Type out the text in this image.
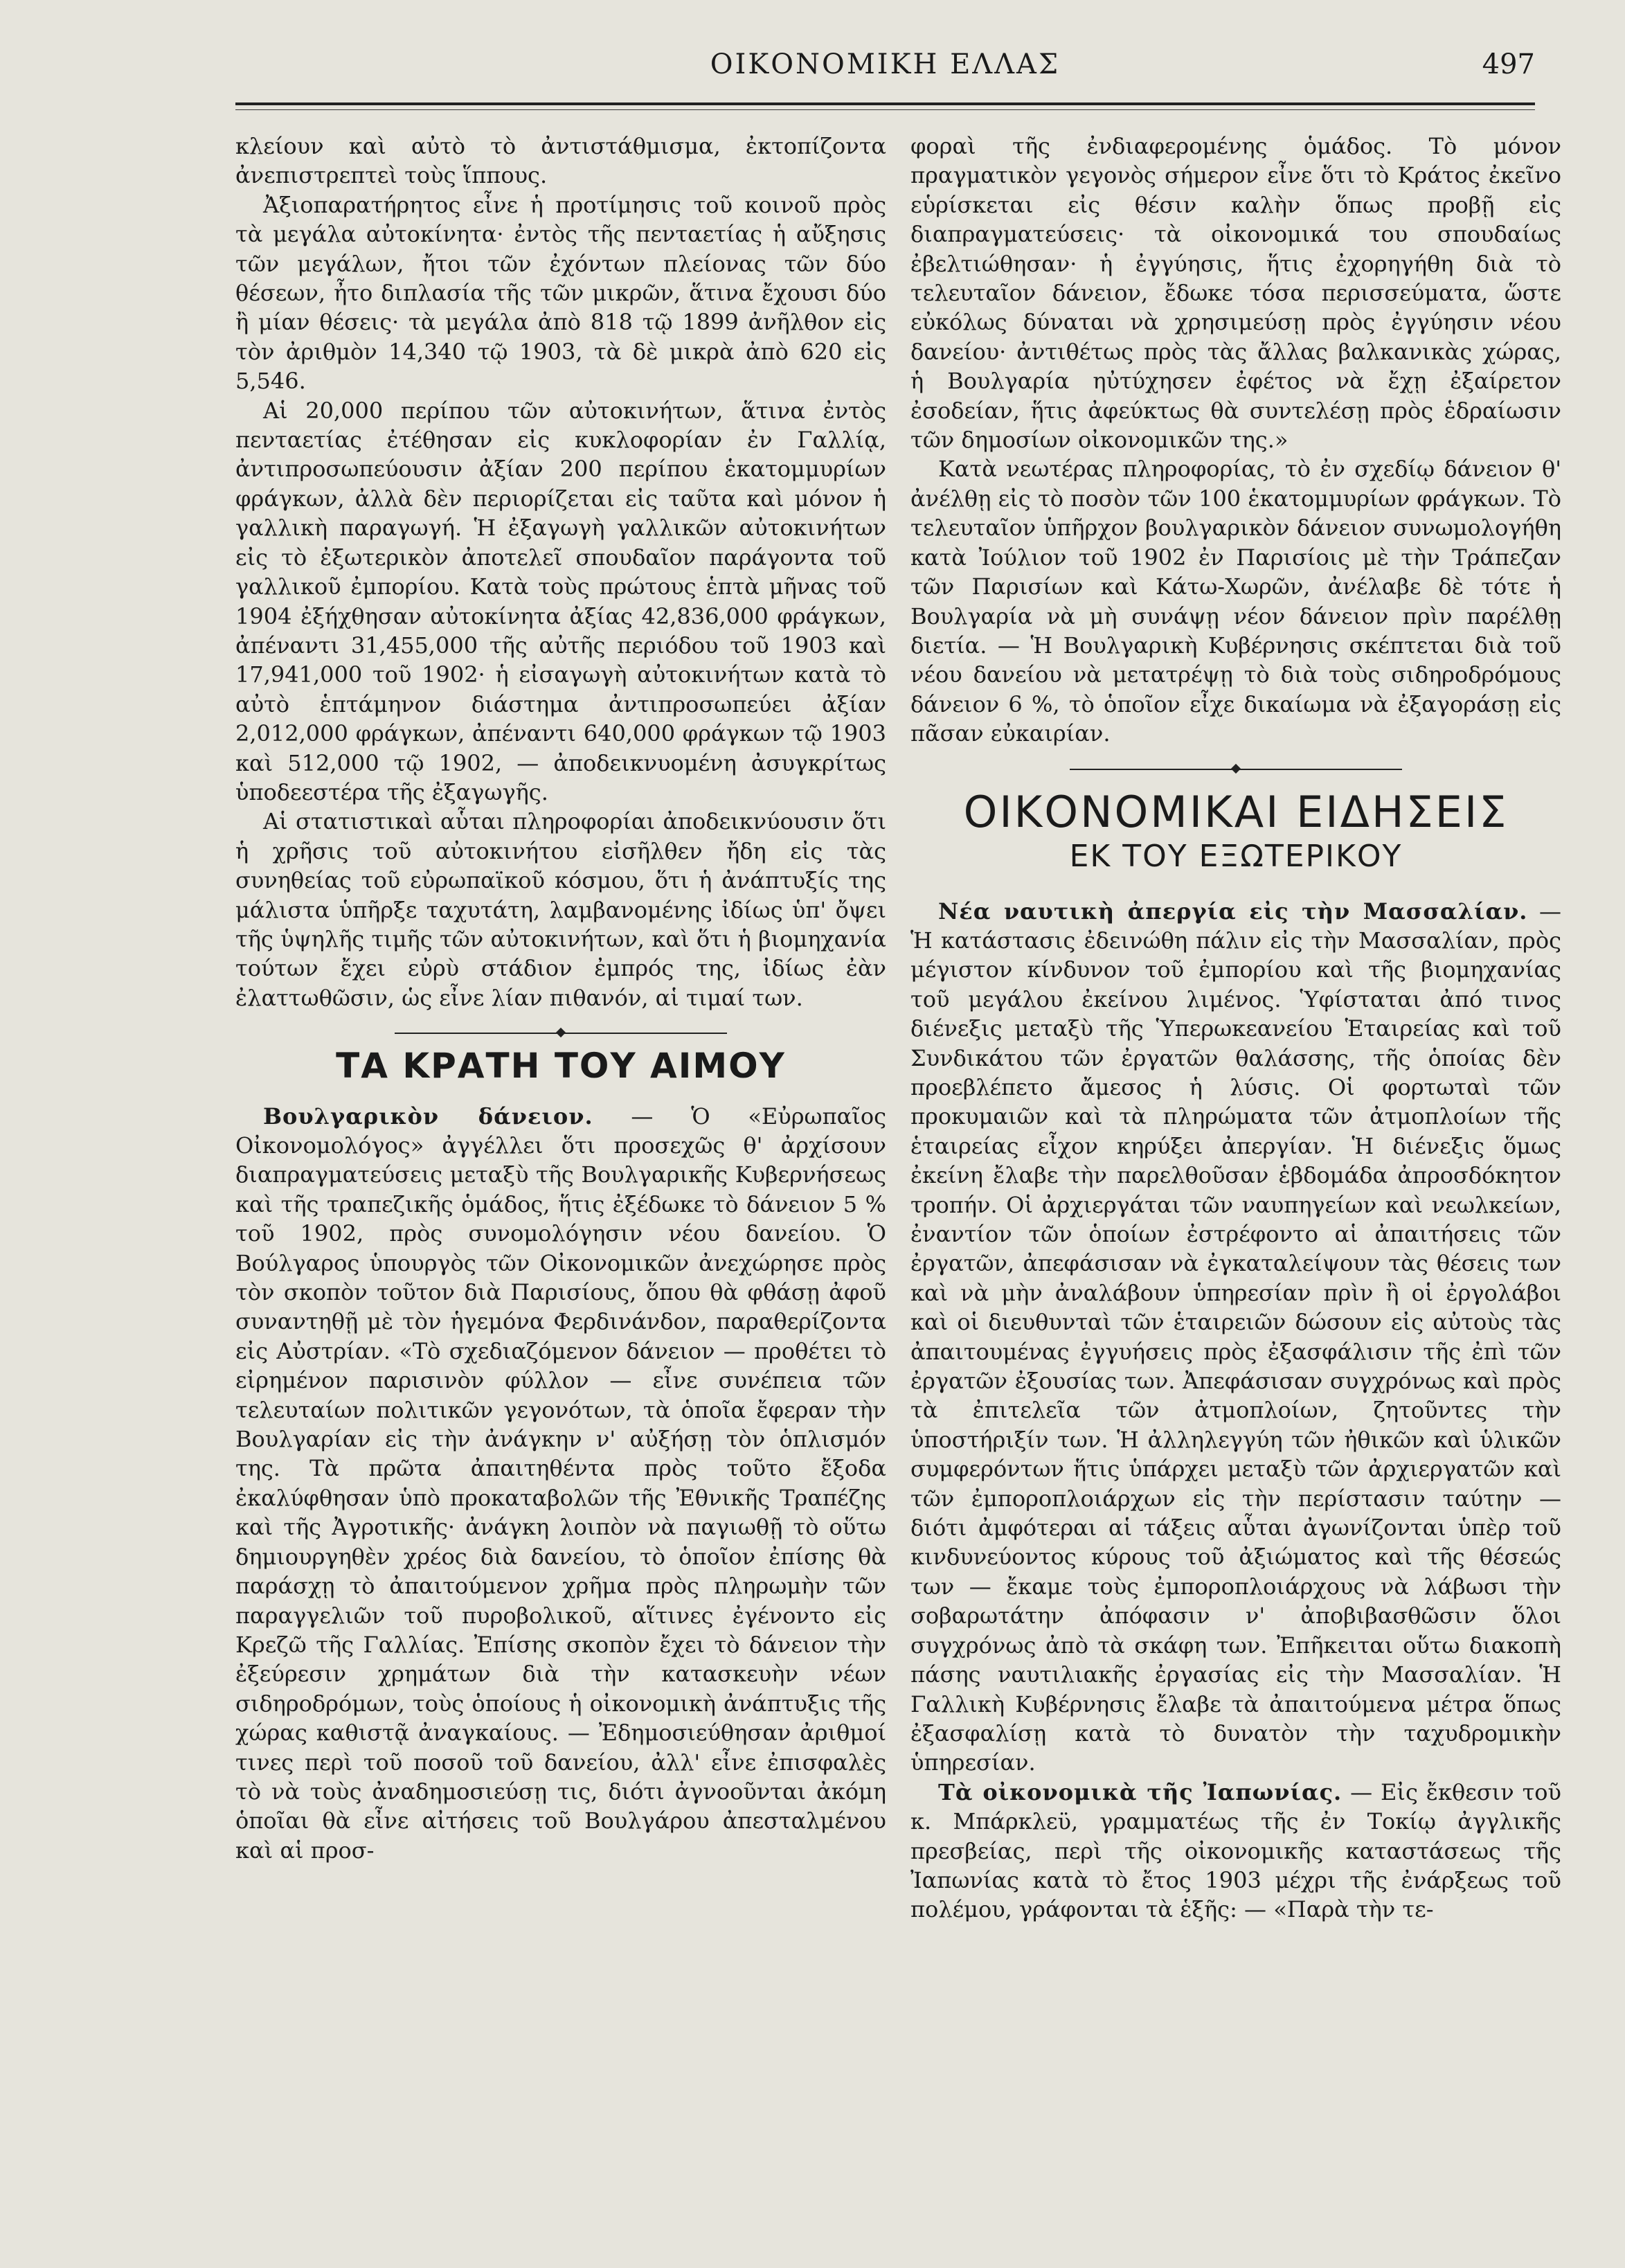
ΟΙΚΟΝΟΜΙΚΗ ΕΛΛΑΣ	497

κλείουν καὶ αὐτὸ τὸ ἀντιστάθμισμα, ἐκτοπίζοντα ἀνεπιστρεπτεὶ τοὺς ἵππους.

Ἀξιοπαρατήρητος εἶνε ἡ προτίμησις τοῦ κοινοῦ πρὸς τὰ μεγάλα αὐτοκίνητα· ἐντὸς τῆς πενταετίας ἡ αὔξησις τῶν μεγάλων, ἤτοι τῶν ἐχόντων πλείονας τῶν δύο θέσεων, ἦτο διπλασία τῆς τῶν μικρῶν, ἅτινα ἔχουσι δύο ἢ μίαν θέσεις· τὰ μεγάλα ἀπὸ 818 τῷ 1899 ἀνῆλθον εἰς τὸν ἀριθμὸν 14,340 τῷ 1903, τὰ δὲ μικρὰ ἀπὸ 620 εἰς 5,546.

Αἱ 20,000 περίπου τῶν αὐτοκινήτων, ἅτινα ἐντὸς πενταετίας ἐτέθησαν εἰς κυκλοφορίαν ἐν Γαλλίᾳ, ἀντιπροσωπεύουσιν ἀξίαν 200 περίπου ἑκατομμυρίων φράγκων, ἀλλὰ δὲν περιορίζεται εἰς ταῦτα καὶ μόνον ἡ γαλλικὴ παραγωγή. Ἡ ἐξαγωγὴ γαλλικῶν αὐτοκινήτων εἰς τὸ ἐξωτερικὸν ἀποτελεῖ σπουδαῖον παράγοντα τοῦ γαλλικοῦ ἐμπορίου. Κατὰ τοὺς πρώτους ἑπτὰ μῆνας τοῦ 1904 ἐξήχθησαν αὐτοκίνητα ἀξίας 42,836,000 φράγκων, ἀπέναντι 31,455,000 τῆς αὐτῆς περιόδου τοῦ 1903 καὶ 17,941,000 τοῦ 1902· ἡ εἰσαγωγὴ αὐτοκινήτων κατὰ τὸ αὐτὸ ἑπτάμηνον διάστημα ἀντιπροσωπεύει ἀξίαν 2,012,000 φράγκων, ἀπέναντι 640,000 φράγκων τῷ 1903 καὶ 512,000 τῷ 1902, — ἀποδεικνυομένη ἀσυγκρίτως ὑποδεεστέρα τῆς ἐξαγωγῆς.

Αἱ στατιστικαὶ αὗται πληροφορίαι ἀποδεικνύουσιν ὅτι ἡ χρῆσις τοῦ αὐτοκινήτου εἰσῆλθεν ἤδη εἰς τὰς συνηθείας τοῦ εὐρωπαϊκοῦ κόσμου, ὅτι ἡ ἀνάπτυξίς της μάλιστα ὑπῆρξε ταχυτάτη, λαμβανομένης ἰδίως ὑπ' ὄψει τῆς ὑψηλῆς τιμῆς τῶν αὐτοκινήτων, καὶ ὅτι ἡ βιομηχανία τούτων ἔχει εὐρὺ στάδιον ἐμπρός της, ἰδίως ἐὰν ἐλαττωθῶσιν, ὡς εἶνε λίαν πιθανόν, αἱ τιμαί των.

ΤΑ ΚΡΑΤΗ ΤΟΥ ΑΙΜΟΥ

Βουλγαρικὸν δάνειον. — Ὁ «Εὐρωπαῖος Οἰκονομολόγος» ἀγγέλλει ὅτι προσεχῶς θ' ἀρχίσουν διαπραγματεύσεις μεταξὺ τῆς Βουλγαρικῆς Κυβερνήσεως καὶ τῆς τραπεζικῆς ὁμάδος, ἥτις ἐξέδωκε τὸ δάνειον 5 % τοῦ 1902, πρὸς συνομολόγησιν νέου δανείου. Ὁ Βούλγαρος ὑπουργὸς τῶν Οἰκονομικῶν ἀνεχώρησε πρὸς τὸν σκοπὸν τοῦτον διὰ Παρισίους, ὅπου θὰ φθάσῃ ἀφοῦ συναντηθῇ μὲ τὸν ἡγεμόνα Φερδινάνδον, παραθερίζοντα εἰς Αὐστρίαν. «Τὸ σχεδιαζόμενον δάνειον — προθέτει τὸ εἰρημένον παρισινὸν φύλλον — εἶνε συνέπεια τῶν τελευταίων πολιτικῶν γεγονότων, τὰ ὁποῖα ἔφεραν τὴν Βουλγαρίαν εἰς τὴν ἀνάγκην ν' αὐξήσῃ τὸν ὁπλισμόν της. Τὰ πρῶτα ἀπαιτηθέντα πρὸς τοῦτο ἔξοδα ἐκαλύφθησαν ὑπὸ προκαταβολῶν τῆς Ἐθνικῆς Τραπέζης καὶ τῆς Ἀγροτικῆς· ἀνάγκη λοιπὸν νὰ παγιωθῇ τὸ οὕτω δημιουργηθὲν χρέος διὰ δανείου, τὸ ὁποῖον ἐπίσης θὰ παράσχῃ τὸ ἀπαιτούμενον χρῆμα πρὸς πληρωμὴν τῶν παραγγελιῶν τοῦ πυροβολικοῦ, αἵτινες ἐγένοντο εἰς Κρεζῶ τῆς Γαλλίας. Ἐπίσης σκοπὸν ἔχει τὸ δάνειον τὴν ἐξεύρεσιν χρημάτων διὰ τὴν κατασκευὴν νέων σιδηροδρόμων, τοὺς ὁποίους ἡ οἰκονομικὴ ἀνάπτυξις τῆς χώρας καθιστᾷ ἀναγκαίους. — Ἐδημοσιεύθησαν ἀριθμοί τινες περὶ τοῦ ποσοῦ τοῦ δανείου, ἀλλ' εἶνε ἐπισφαλὲς τὸ νὰ τοὺς ἀναδημοσιεύσῃ τις, διότι ἀγνοοῦνται ἀκόμη ὁποῖαι θὰ εἶνε αἰτήσεις τοῦ Βουλγάρου ἀπεσταλμένου καὶ αἱ προσ-

φοραὶ τῆς ἐνδιαφερομένης ὁμάδος. Τὸ μόνον πραγματικὸν γεγονὸς σήμερον εἶνε ὅτι τὸ Κράτος ἐκεῖνο εὑρίσκεται εἰς θέσιν καλὴν ὅπως προβῇ εἰς διαπραγματεύσεις· τὰ οἰκονομικά του σπουδαίως ἐβελτιώθησαν· ἡ ἐγγύησις, ἥτις ἐχορηγήθη διὰ τὸ τελευταῖον δάνειον, ἔδωκε τόσα περισσεύματα, ὥστε εὐκόλως δύναται νὰ χρησιμεύσῃ πρὸς ἐγγύησιν νέου δανείου· ἀντιθέτως πρὸς τὰς ἄλλας βαλκανικὰς χώρας, ἡ Βουλγαρία ηὐτύχησεν ἐφέτος νὰ ἔχῃ ἐξαίρετον ἐσοδείαν, ἥτις ἀφεύκτως θὰ συντελέσῃ πρὸς ἑδραίωσιν τῶν δημοσίων οἰκονομικῶν της.»

Κατὰ νεωτέρας πληροφορίας, τὸ ἐν σχεδίῳ δάνειον θ' ἀνέλθῃ εἰς τὸ ποσὸν τῶν 100 ἑκατομμυρίων φράγκων. Τὸ τελευταῖον ὑπῆρχον βουλγαρικὸν δάνειον συνωμολογήθη κατὰ Ἰούλιον τοῦ 1902 ἐν Παρισίοις μὲ τὴν Τράπεζαν τῶν Παρισίων καὶ Κάτω-Χωρῶν, ἀνέλαβε δὲ τότε ἡ Βουλγαρία νὰ μὴ συνάψῃ νέον δάνειον πρὶν παρέλθῃ διετία. — Ἡ Βουλγαρικὴ Κυβέρνησις σκέπτεται διὰ τοῦ νέου δανείου νὰ μετατρέψῃ τὸ διὰ τοὺς σιδηροδρόμους δάνειον 6 %, τὸ ὁποῖον εἶχε δικαίωμα νὰ ἐξαγοράσῃ εἰς πᾶσαν εὐκαιρίαν.

ΟΙΚΟΝΟΜΙΚΑΙ ΕΙΔΗΣΕΙΣ
ΕΚ ΤΟΥ ΕΞΩΤΕΡΙΚΟΥ

Νέα ναυτικὴ ἀπεργία εἰς τὴν Μασσαλίαν. — Ἡ κατάστασις ἐδεινώθη πάλιν εἰς τὴν Μασσαλίαν, πρὸς μέγιστον κίνδυνον τοῦ ἐμπορίου καὶ τῆς βιομηχανίας τοῦ μεγάλου ἐκείνου λιμένος. Ὑφίσταται ἀπό τινος διένεξις μεταξὺ τῆς Ὑπερωκεανείου Ἑταιρείας καὶ τοῦ Συνδικάτου τῶν ἐργατῶν θαλάσσης, τῆς ὁποίας δὲν προεβλέπετο ἄμεσος ἡ λύσις. Οἱ φορτωταὶ τῶν προκυμαιῶν καὶ τὰ πληρώματα τῶν ἀτμοπλοίων τῆς ἑταιρείας εἶχον κηρύξει ἀπεργίαν. Ἡ διένεξις ὅμως ἐκείνη ἔλαβε τὴν παρελθοῦσαν ἑβδομάδα ἀπροσδόκητον τροπήν. Οἱ ἀρχιεργάται τῶν ναυπηγείων καὶ νεωλκείων, ἐναντίον τῶν ὁποίων ἐστρέφοντο αἱ ἀπαιτήσεις τῶν ἐργατῶν, ἀπεφάσισαν νὰ ἐγκαταλείψουν τὰς θέσεις των καὶ νὰ μὴν ἀναλάβουν ὑπηρεσίαν πρὶν ἢ οἱ ἐργολάβοι καὶ οἱ διευθυνταὶ τῶν ἑταιρειῶν δώσουν εἰς αὐτοὺς τὰς ἀπαιτουμένας ἐγγυήσεις πρὸς ἐξασφάλισιν τῆς ἐπὶ τῶν ἐργατῶν ἐξουσίας των. Ἀπεφάσισαν συγχρόνως καὶ πρὸς τὰ ἐπιτελεῖα τῶν ἀτμοπλοίων, ζητοῦντες τὴν ὑποστήριξίν των. Ἡ ἀλληλεγγύη τῶν ἠθικῶν καὶ ὑλικῶν συμφερόντων ἥτις ὑπάρχει μεταξὺ τῶν ἀρχιεργατῶν καὶ τῶν ἐμποροπλοιάρχων εἰς τὴν περίστασιν ταύτην — διότι ἀμφότεραι αἱ τάξεις αὗται ἀγωνίζονται ὑπὲρ τοῦ κινδυνεύοντος κύρους τοῦ ἀξιώματος καὶ τῆς θέσεώς των — ἔκαμε τοὺς ἐμποροπλοιάρχους νὰ λάβωσι τὴν σοβαρωτάτην ἀπόφασιν ν' ἀποβιβασθῶσιν ὅλοι συγχρόνως ἀπὸ τὰ σκάφη των. Ἐπῆκειται οὕτω διακοπὴ πάσης ναυτιλιακῆς ἐργασίας εἰς τὴν Μασσαλίαν. Ἡ Γαλλικὴ Κυβέρνησις ἔλαβε τὰ ἀπαιτούμενα μέτρα ὅπως ἐξασφαλίσῃ κατὰ τὸ δυνατὸν τὴν ταχυδρομικὴν ὑπηρεσίαν.

Τὰ οἰκονομικὰ τῆς Ἰαπωνίας. — Εἰς ἔκθεσιν τοῦ κ. Μπάρκλεϋ, γραμματέως τῆς ἐν Τοκίῳ ἀγγλικῆς πρεσβείας, περὶ τῆς οἰκονομικῆς καταστάσεως τῆς Ἰαπωνίας κατὰ τὸ ἔτος 1903 μέχρι τῆς ἐνάρξεως τοῦ πολέμου, γράφονται τὰ ἑξῆς: — «Παρὰ τὴν τε-
